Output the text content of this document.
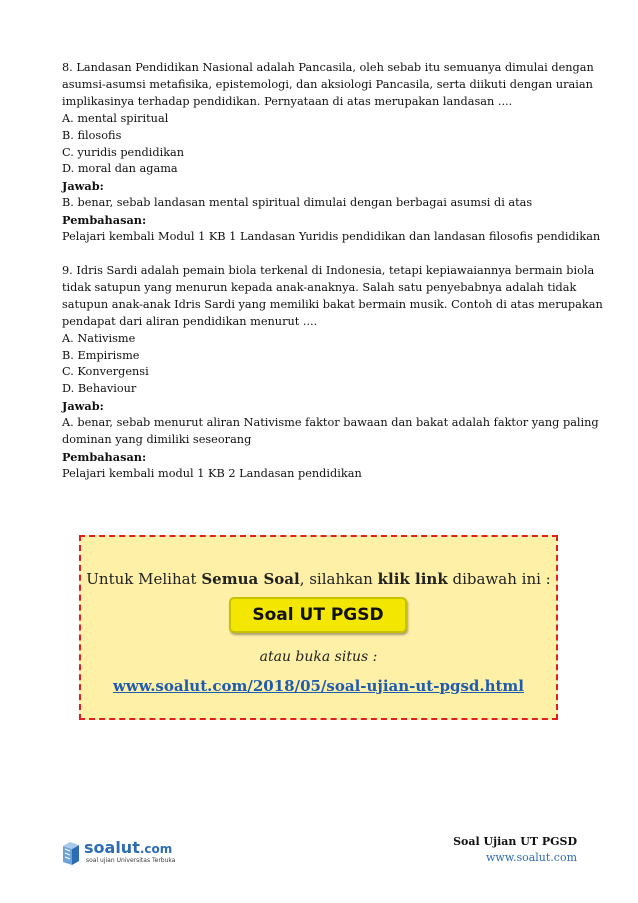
8. Landasan Pendidikan Nasional adalah Pancasila, oleh sebab itu semuanya dimulai dengan
asumsi-asumsi metafisika, epistemologi, dan aksiologi Pancasila, serta diikuti dengan uraian
implikasinya terhadap pendidikan. Pernyataan di atas merupakan landasan ....
A. mental spiritual
B. filosofis
C. yuridis pendidikan
D. moral dan agama
Jawab:
B. benar, sebab landasan mental spiritual dimulai dengan berbagai asumsi di atas
Pembahasan:
Pelajari kembali Modul 1 KB 1 Landasan Yuridis pendidikan dan landasan filosofis pendidikan
9. Idris Sardi adalah pemain biola terkenal di Indonesia, tetapi kepiawaiannya bermain biola
tidak satupun yang menurun kepada anak-anaknya. Salah satu penyebabnya adalah tidak
satupun anak-anak Idris Sardi yang memiliki bakat bermain musik. Contoh di atas merupakan
pendapat dari aliran pendidikan menurut ....
A. Nativisme
B. Empirisme
C. Konvergensi
D. Behaviour
Jawab:
A. benar, sebab menurut aliran Nativisme faktor bawaan dan bakat adalah faktor yang paling
dominan yang dimiliki seseorang
Pembahasan:
Pelajari kembali modul 1 KB 2 Landasan pendidikan
Untuk Melihat Semua Soal, silahkan klik link dibawah ini :
Soal UT PGSD
atau buka situs :
www.soalut.com/2018/05/soal-ujian-ut-pgsd.html
soalut.com
soal ujian Universitas Terbuka
Soal Ujian UT PGSD
www.soalut.com
